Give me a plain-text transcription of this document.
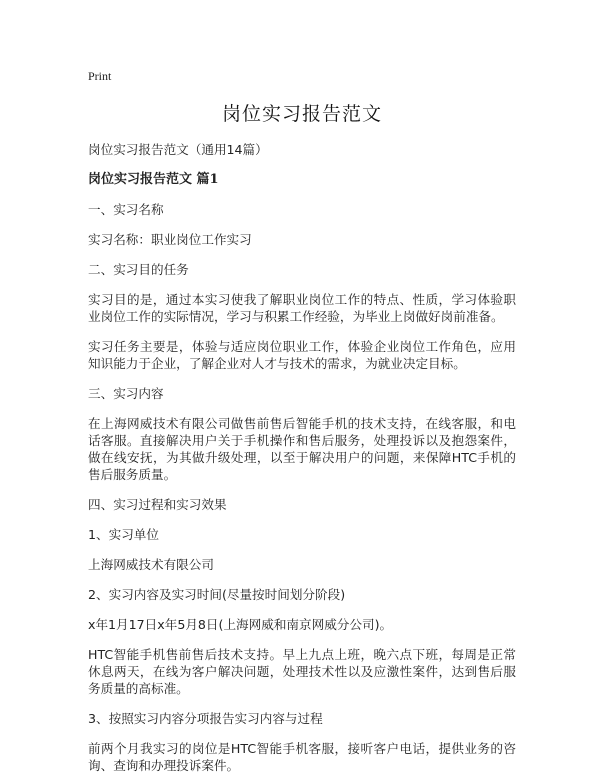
Print
岗位实习报告范文

岗位实习报告范文（通用14篇）

岗位实习报告范文 篇1

一、实习名称

实习名称：职业岗位工作实习

二、实习目的任务

实习目的是，通过本实习使我了解职业岗位工作的特点、性质，学习体验职业岗位工作的实际情况，学习与积累工作经验，为毕业上岗做好岗前准备。

实习任务主要是，体验与适应岗位职业工作，体验企业岗位工作角色，应用知识能力于企业，了解企业对人才与技术的需求，为就业决定目标。

三、实习内容

在上海网威技术有限公司做售前售后智能手机的技术支持，在线客服，和电话客服。直接解决用户关于手机操作和售后服务，处理投诉以及抱怨案件，做在线安抚，为其做升级处理，以至于解决用户的问题，来保障HTC手机的售后服务质量。

四、实习过程和实习效果

1、实习单位

上海网威技术有限公司

2、实习内容及实习时间(尽量按时间划分阶段)

x年1月17日x年5月8日(上海网威和南京网威分公司)。

HTC智能手机售前售后技术支持。早上九点上班，晚六点下班，每周是正常休息两天，在线为客户解决问题，处理技术性以及应激性案件，达到售后服务质量的高标准。

3、按照实习内容分项报告实习内容与过程

前两个月我实习的岗位是HTC智能手机客服，接听客户电话，提供业务的咨询、查询和办理投诉案件。
